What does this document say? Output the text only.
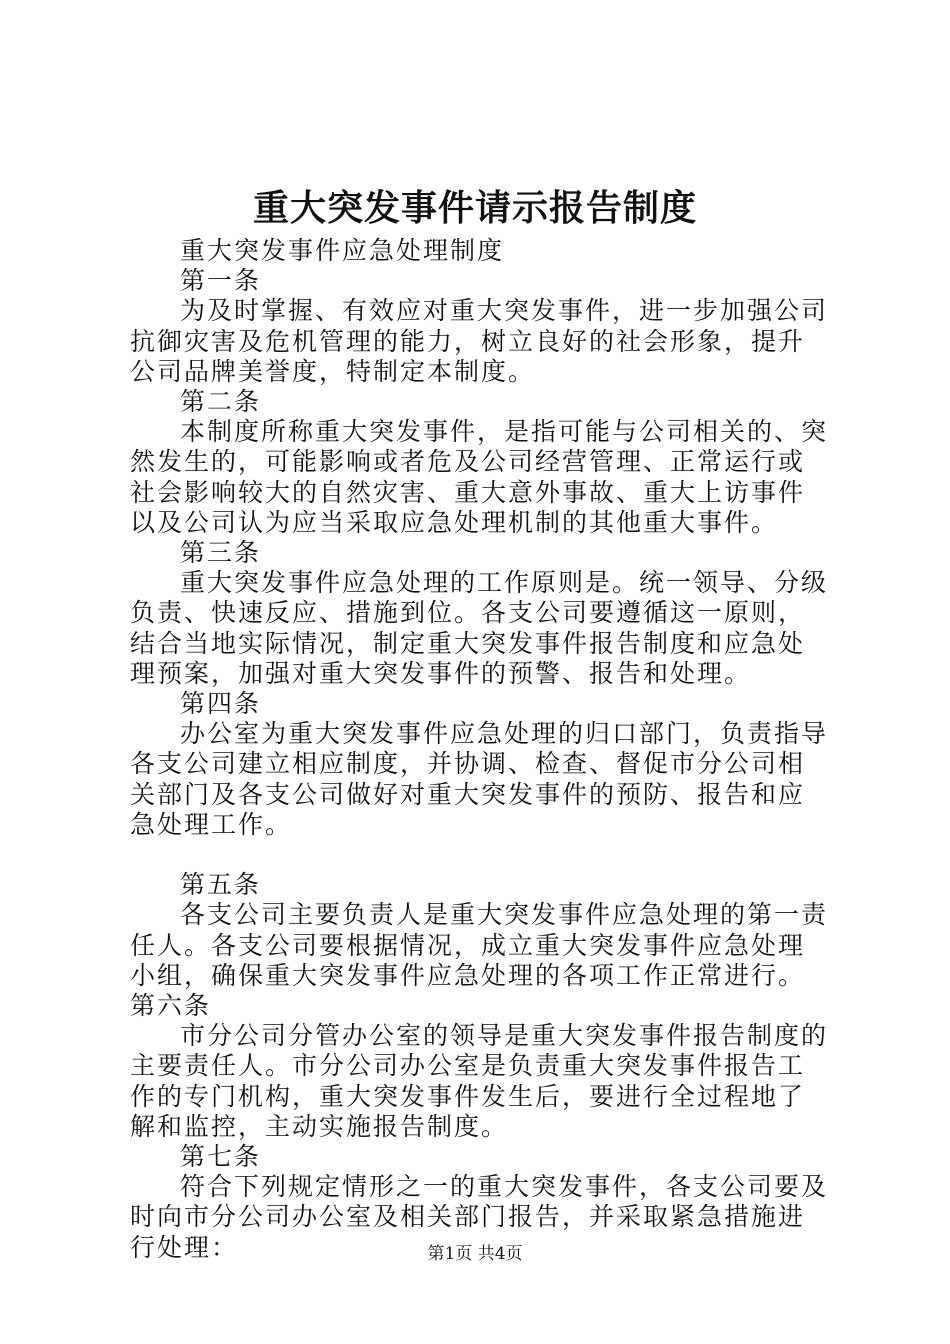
重大突发事件请示报告制度

重大突发事件应急处理制度

第一条

为及时掌握、有效应对重大突发事件，进一步加强公司抗御灾害及危机管理的能力，树立良好的社会形象，提升公司品牌美誉度，特制定本制度。

第二条

本制度所称重大突发事件，是指可能与公司相关的、突然发生的，可能影响或者危及公司经营管理、正常运行或社会影响较大的自然灾害、重大意外事故、重大上访事件以及公司认为应当采取应急处理机制的其他重大事件。

第三条

重大突发事件应急处理的工作原则是。统一领导、分级负责、快速反应、措施到位。各支公司要遵循这一原则，结合当地实际情况，制定重大突发事件报告制度和应急处理预案，加强对重大突发事件的预警、报告和处理。

第四条

办公室为重大突发事件应急处理的归口部门，负责指导各支公司建立相应制度，并协调、检查、督促市分公司相关部门及各支公司做好对重大突发事件的预防、报告和应急处理工作。

第五条

各支公司主要负责人是重大突发事件应急处理的第一责任人。各支公司要根据情况，成立重大突发事件应急处理小组，确保重大突发事件应急处理的各项工作正常进行。第六条

市分公司分管办公室的领导是重大突发事件报告制度的主要责任人。市分公司办公室是负责重大突发事件报告工作的专门机构，重大突发事件发生后，要进行全过程地了解和监控，主动实施报告制度。

第七条

符合下列规定情形之一的重大突发事件，各支公司要及时向市分公司办公室及相关部门报告，并采取紧急措施进行处理：	第1页 共4页
